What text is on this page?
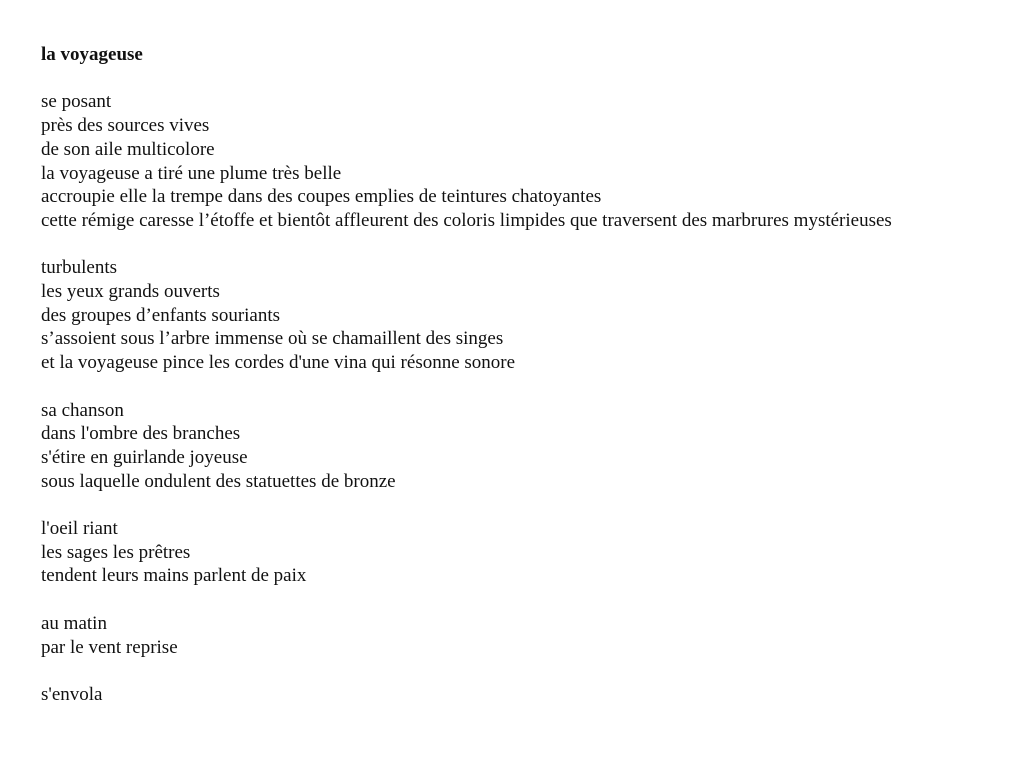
la voyageuse
se posant
près des sources vives
de son aile multicolore
la voyageuse a tiré une plume très belle
accroupie elle la trempe dans des coupes emplies de teintures chatoyantes
cette rémige caresse l’étoffe et bientôt affleurent des coloris limpides que traversent des marbrures mystérieuses
turbulents
les yeux grands ouverts
des groupes d’enfants souriants
s’assoient sous l’arbre immense où se chamaillent des singes
et la voyageuse pince les cordes d'une vina qui résonne sonore
sa chanson
dans l'ombre des branches
s'étire en guirlande joyeuse
sous laquelle ondulent des statuettes de bronze
l'oeil riant
les sages les prêtres
tendent leurs mains parlent de paix
au matin
par le vent reprise
s'envola
